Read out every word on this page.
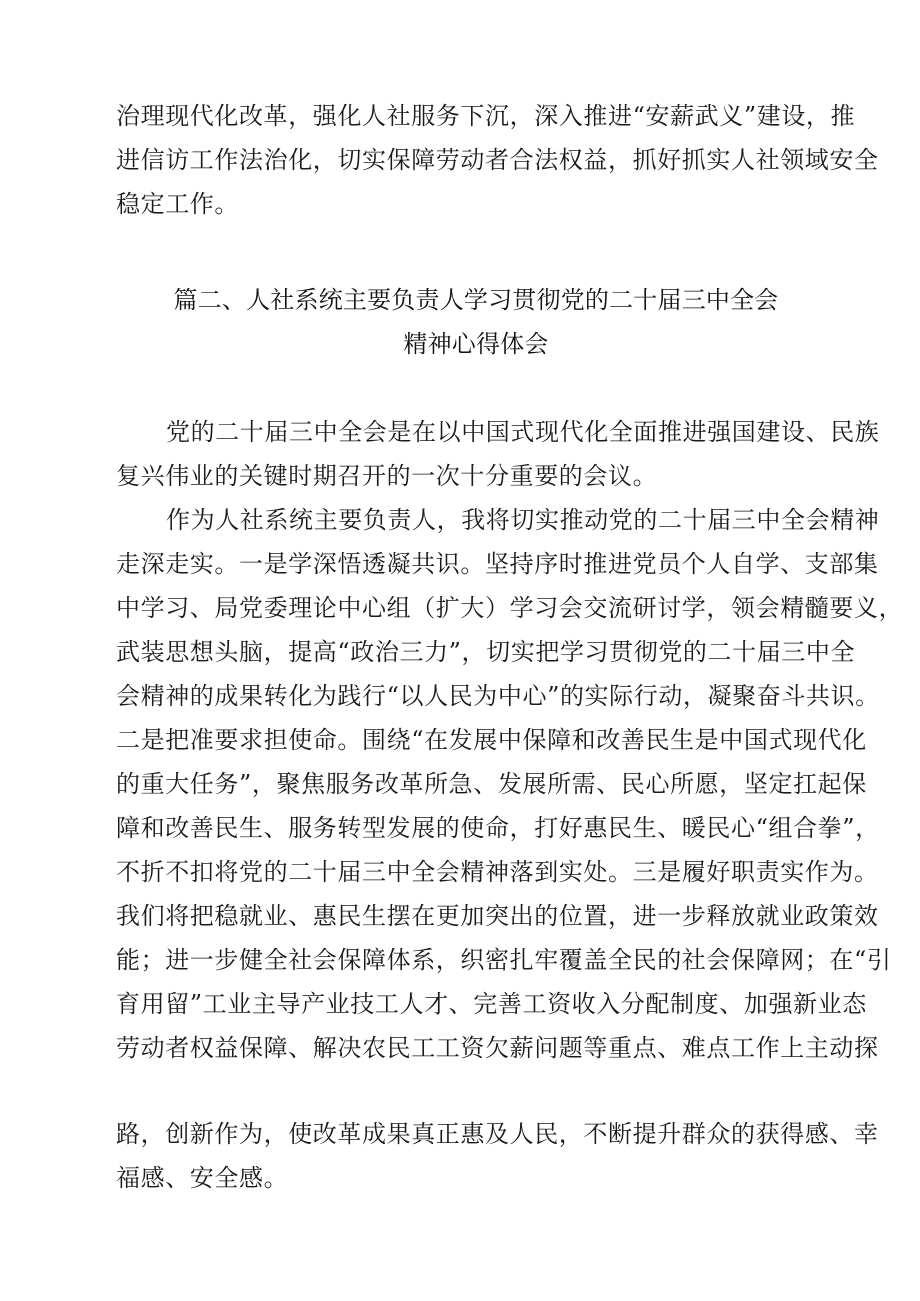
治理现代化改革，强化人社服务下沉，深入推进“安薪武义”建设，推
进信访工作法治化，切实保障劳动者合法权益，抓好抓实人社领域安全
稳定工作。
篇二、人社系统主要负责人学习贯彻党的二十届三中全会
精神心得体会
党的二十届三中全会是在以中国式现代化全面推进强国建设、民族
复兴伟业的关键时期召开的一次十分重要的会议。
作为人社系统主要负责人，我将切实推动党的二十届三中全会精神
走深走实。一是学深悟透凝共识。坚持序时推进党员个人自学、支部集
中学习、局党委理论中心组（扩大）学习会交流研讨学，领会精髓要义，
武装思想头脑，提高“政治三力”，切实把学习贯彻党的二十届三中全
会精神的成果转化为践行“以人民为中心”的实际行动，凝聚奋斗共识。
二是把准要求担使命。围绕“在发展中保障和改善民生是中国式现代化
的重大任务”，聚焦服务改革所急、发展所需、民心所愿，坚定扛起保
障和改善民生、服务转型发展的使命，打好惠民生、暖民心“组合拳”，
不折不扣将党的二十届三中全会精神落到实处。三是履好职责实作为。
我们将把稳就业、惠民生摆在更加突出的位置，进一步释放就业政策效
能；进一步健全社会保障体系，织密扎牢覆盖全民的社会保障网；在“引
育用留”工业主导产业技工人才、完善工资收入分配制度、加强新业态
劳动者权益保障、解决农民工工资欠薪问题等重点、难点工作上主动探
路，创新作为，使改革成果真正惠及人民，不断提升群众的获得感、幸
福感、安全感。
